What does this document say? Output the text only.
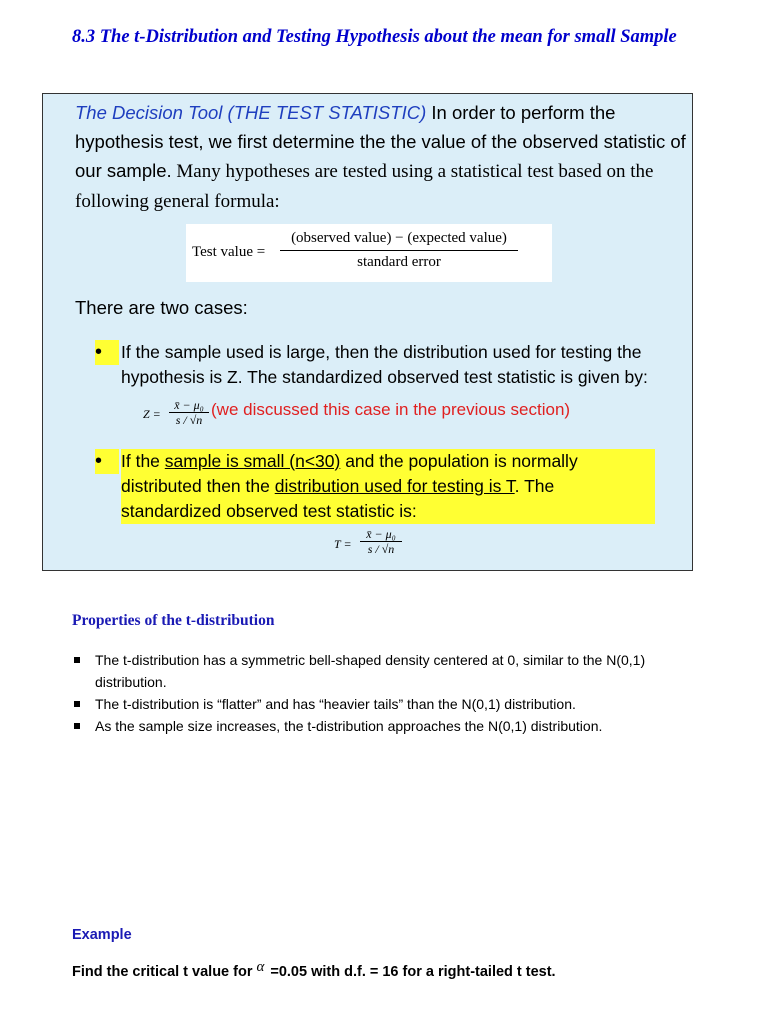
8.3 The t-Distribution and Testing Hypothesis about the mean for small Sample
The Decision Tool (THE TEST STATISTIC) In order to perform the hypothesis test, we first determine the the value of the observed statistic of our sample. Many hypotheses are tested using a statistical test based on the following general formula:
Test value =
(observed value) − (expected value)
standard error
There are two cases:
•	If the sample used is large, then the distribution used for testing the hypothesis is Z. The standardized observed test statistic is given by:
$Z = \frac{\text{x̄ − μ₀}}{s / √n} (we$ discussed this case in the previous section)
•	If the sample is small (n<30) and the population is normally distributed then the distribution used for testing is T. The standardized observed test statistic is:
$T = \frac{\text{x̄ − μ₀}}{s / √n}$
Properties of the t-distribution
The t-distribution has a symmetric bell-shaped density centered at 0, similar to the N(0,1) distribution.
The t-distribution is “flatter” and has “heavier tails” than the N(0,1) distribution.
As the sample size increases, the t-distribution approaches the N(0,1) distribution.
Example
Find the critical t value for α =0.05 with d.f. = 16 for a right-tailed t test.
